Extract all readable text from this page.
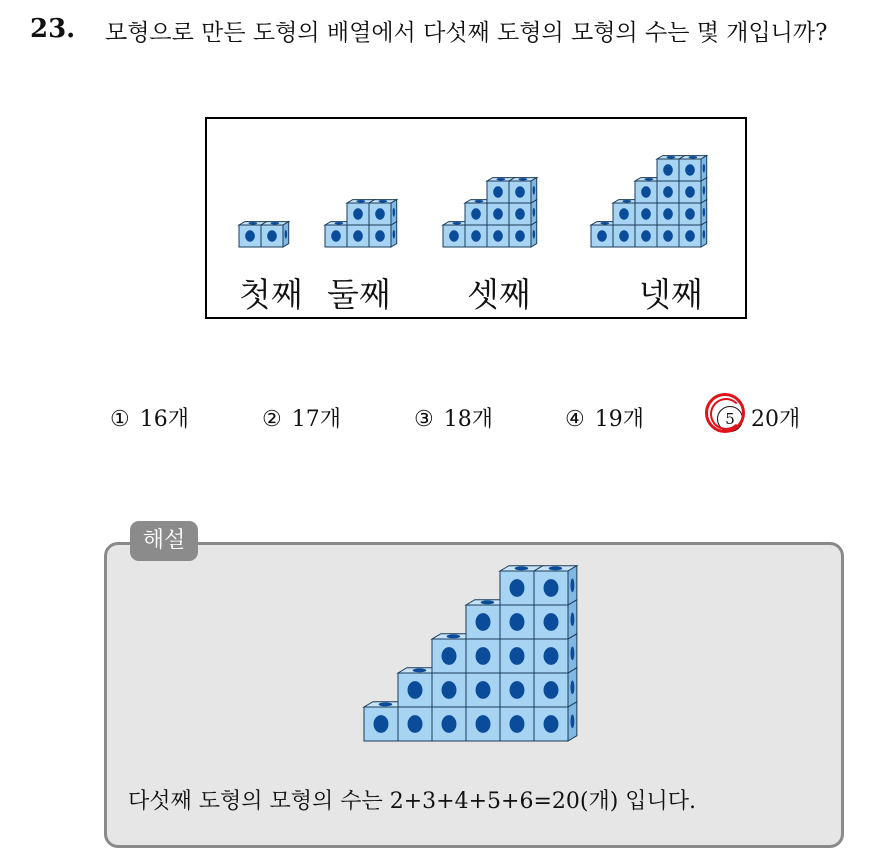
23. 모형으로 만든 도형의 배열에서 다섯째 도형의 모형의 수는 몇 개입니까?
첫째 둘째 셋째	넷째
① 16개	② 17개	③ 18개	④ 19개	5 20개
해설
다섯째 도형의 모형의 수는 2+3+4+5+6=20(개) 입니다.
